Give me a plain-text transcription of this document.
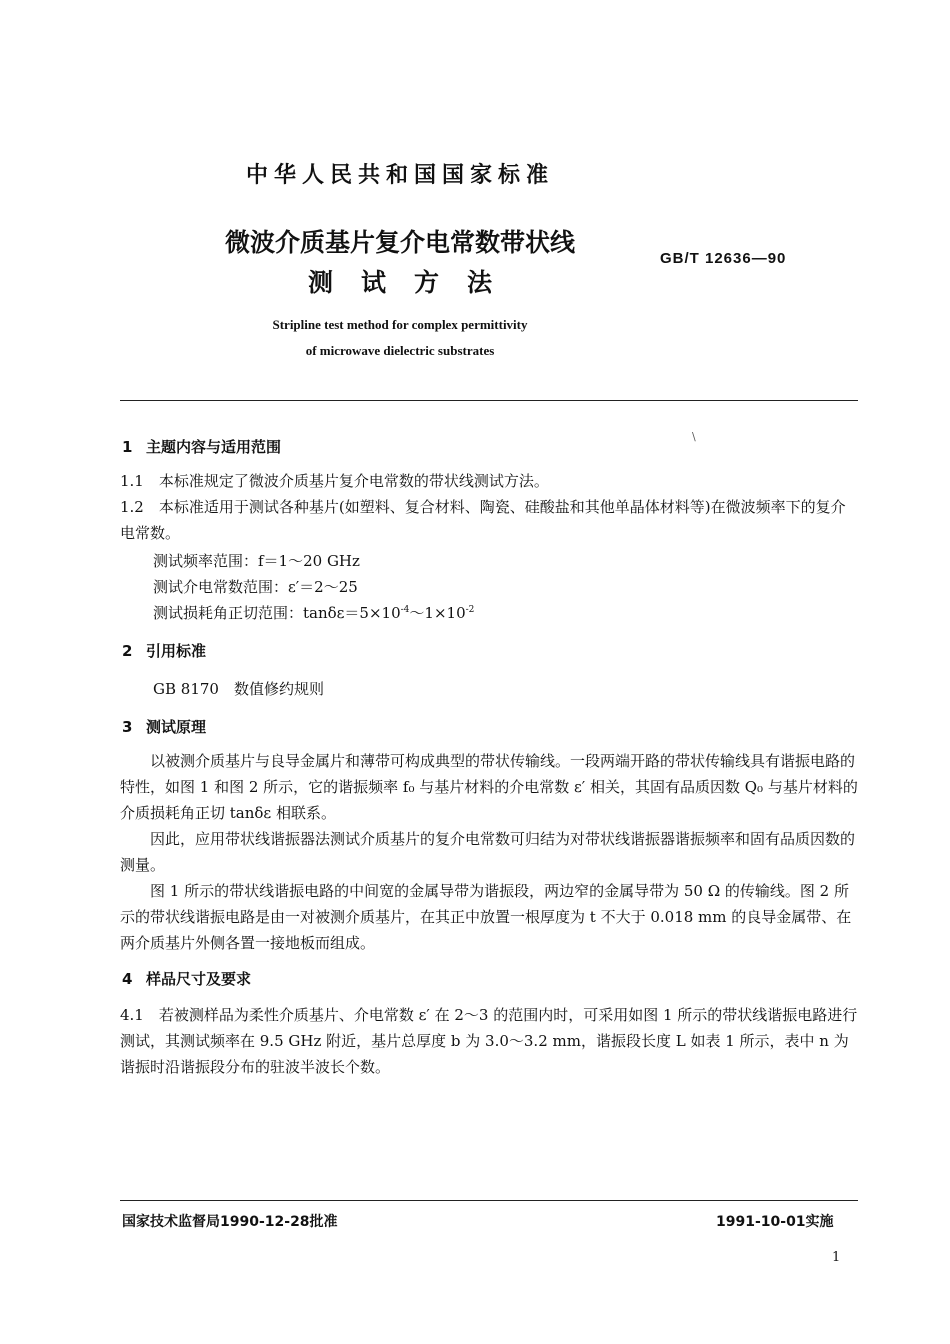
中华人民共和国国家标准
微波介质基片复介电常数带状线
测试方法
GB/T 12636—90
Stripline test method for complex permittivity
of microwave dielectric substrates
\
1 主题内容与适用范围
1.1　本标准规定了微波介质基片复介电常数的带状线测试方法。
1.2　本标准适用于测试各种基片(如塑料、复合材料、陶瓷、硅酸盐和其他单晶体材料等)在微波频率下的复介电常数。
测试频率范围：f＝1～20 GHz
测试介电常数范围：ε′＝2～25
测试损耗角正切范围：$\tan\delta\varepsilon=5\times 10^{-4}\sim 1\times 10^{-2}$
2 引用标准
GB 8170　数值修约规则
3 测试原理
以被测介质基片与良导金属片和薄带可构成典型的带状传输线。一段两端开路的带状传输线具有谐振电路的特性，如图 1 和图 2 所示，它的谐振频率 f₀ 与基片材料的介电常数 ε′ 相关，其固有品质因数 Q₀ 与基片材料的介质损耗角正切 tanδε 相联系。
因此，应用带状线谐振器法测试介质基片的复介电常数可归结为对带状线谐振器谐振频率和固有品质因数的测量。
图 1 所示的带状线谐振电路的中间宽的金属导带为谐振段，两边窄的金属导带为 50 Ω 的传输线。图 2 所示的带状线谐振电路是由一对被测介质基片，在其正中放置一根厚度为 t 不大于 0.018 mm 的良导金属带、在两介质基片外侧各置一接地板而组成。
4 样品尺寸及要求
4.1　若被测样品为柔性介质基片、介电常数 ε′ 在 2～3 的范围内时，可采用如图 1 所示的带状线谐振电路进行测试，其测试频率在 9.5 GHz 附近，基片总厚度 b 为 3.0～3.2 mm，谐振段长度 L 如表 1 所示，表中 n 为谐振时沿谐振段分布的驻波半波长个数。
国家技术监督局1990-12-28批准	1991-10-01实施
1
